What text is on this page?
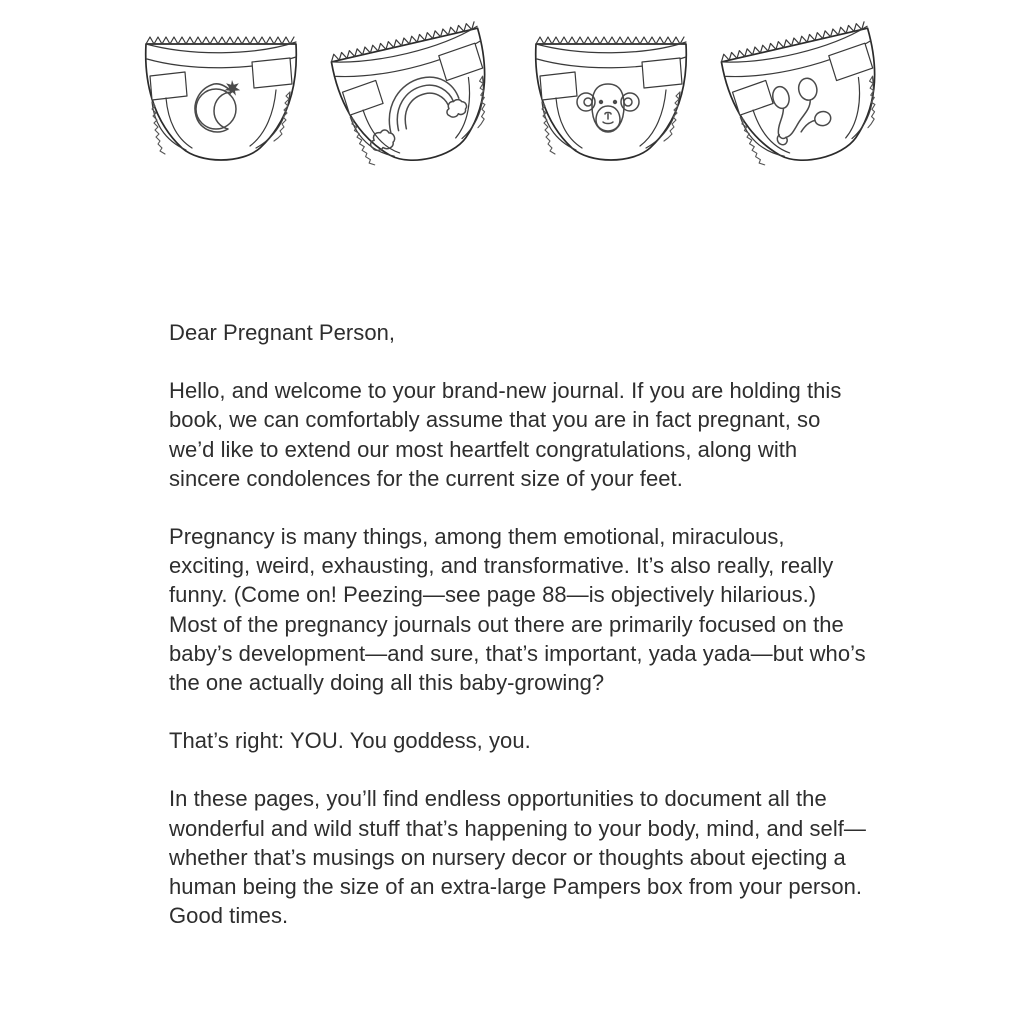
Dear Pregnant Person,

Hello, and welcome to your brand-new journal. If you are holding this book, we can comfortably assume that you are in fact pregnant, so we’d like to extend our most heartfelt congratulations, along with sincere condolences for the current size of your feet.

Pregnancy is many things, among them emotional, miraculous, exciting, weird, exhausting, and transformative. It’s also really, really funny. (Come on! Peezing—see page 88—is objectively hilarious.) Most of the pregnancy journals out there are primarily focused on the baby’s development—and sure, that’s important, yada yada—but who’s the one actually doing all this baby-growing?

That’s right: YOU. You goddess, you.

In these pages, you’ll find endless opportunities to document all the wonderful and wild stuff that’s happening to your body, mind, and self—whether that’s musings on nursery decor or thoughts about ejecting a human being the size of an extra-large Pampers box from your person. Good times.
